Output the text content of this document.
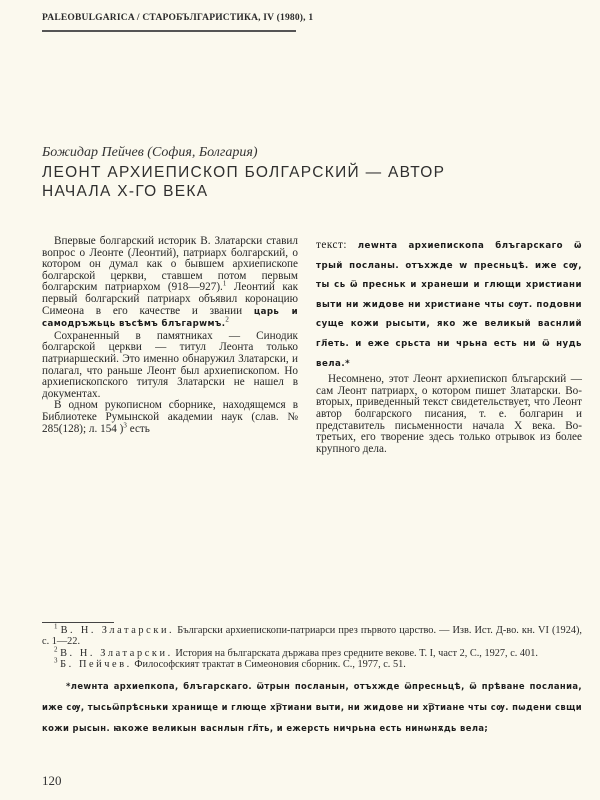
PALEOBULGARICA / СТАРОБЪЛГАРИСТИКА, IV (1980), 1
Божидар Пейчев (София, Болгария)
ЛЕОНТ АРХИЕПИСКОП БОЛГАРСКИЙ — АВТОР
НАЧАЛА X-ГО ВЕКА

Впервые болгарский историк В. Златарски ставил вопрос о Леонте (Леонтий), патриарх болгарский, о котором он думал как о бывшем архиепископе болгарской церкви, ставшем потом первым болгарским патриархом (918—927).$^1$ Леонтий как первый болгарский патриарх объявил коронацию Симеона в его качестве и звании царь и самодръжьць въсѣмъ блъгарwмъ.$^2$

Сохраненный в памятниках — Синодик болгарской церкви — титул Леонта только патриаршеский. Это именно обнаружил Златарски, и полагал, что раньше Леонт был архиепископом. Но архиепископского титуля Златарски не нашел в документах.

В одном рукописном сборнике, находящемся в Библиотеке Румынской академии наук (слав. № 285(128); л. 154 )$^3$ есть

текст: леwнта архиепископа блъгарскаго ѿ трый посланы. отъхжде w пресньцѣ. иже сѹ, ты сь ѿ пресньк и хранеши и глющи христиани выти ни жидове ни христиане чты сѹт. подовни суще кожи рысыти, яко же великый васнлий гл҃еть. и еже срьста ни чрьна есть ни ѿ нудь вела.*

Несомнено, этот Леонт архиепископ блъгарский — сам Леонт патриарх, о котором пишет Златарски. Во-вторых, приведенный текст свидетельствует, что Леонт автор болгарского писания, т. е. болгарин и представитель письменности начала X века. Во-третьих, его творение здесь только отрывок из более крупного дела.

$^1$ В. Н. Златарски. Български архиепископи-патриарси през първото царство. — Изв. Ист. Д-во. кн. VI (1924), с. 1—22.

$^2$ В. Н. Златарски. История на българската държава през средните векове. Т. I, част 2, С., 1927, с. 401.

$^3$ Б. Пейчев. Философският трактат в Симеоновия сборник. С., 1977, с. 51.

*леwнта архиепкопа, блъгарскаго. ѿтрын посланын, отъхжде ѿпресньцѣ, ѿ прѣване посланиа, иже сѹ, тысьѿпрѣсньки хранище и глюще хр҇тиани выти, ни жидове ни хр҇тиане чты сѹ. пѡдени свщи кожи рысын. ꙗкоже великын васнлын гл҃ть, и ежерсть ничрьна есть нинѡнѫдь вела;
120
